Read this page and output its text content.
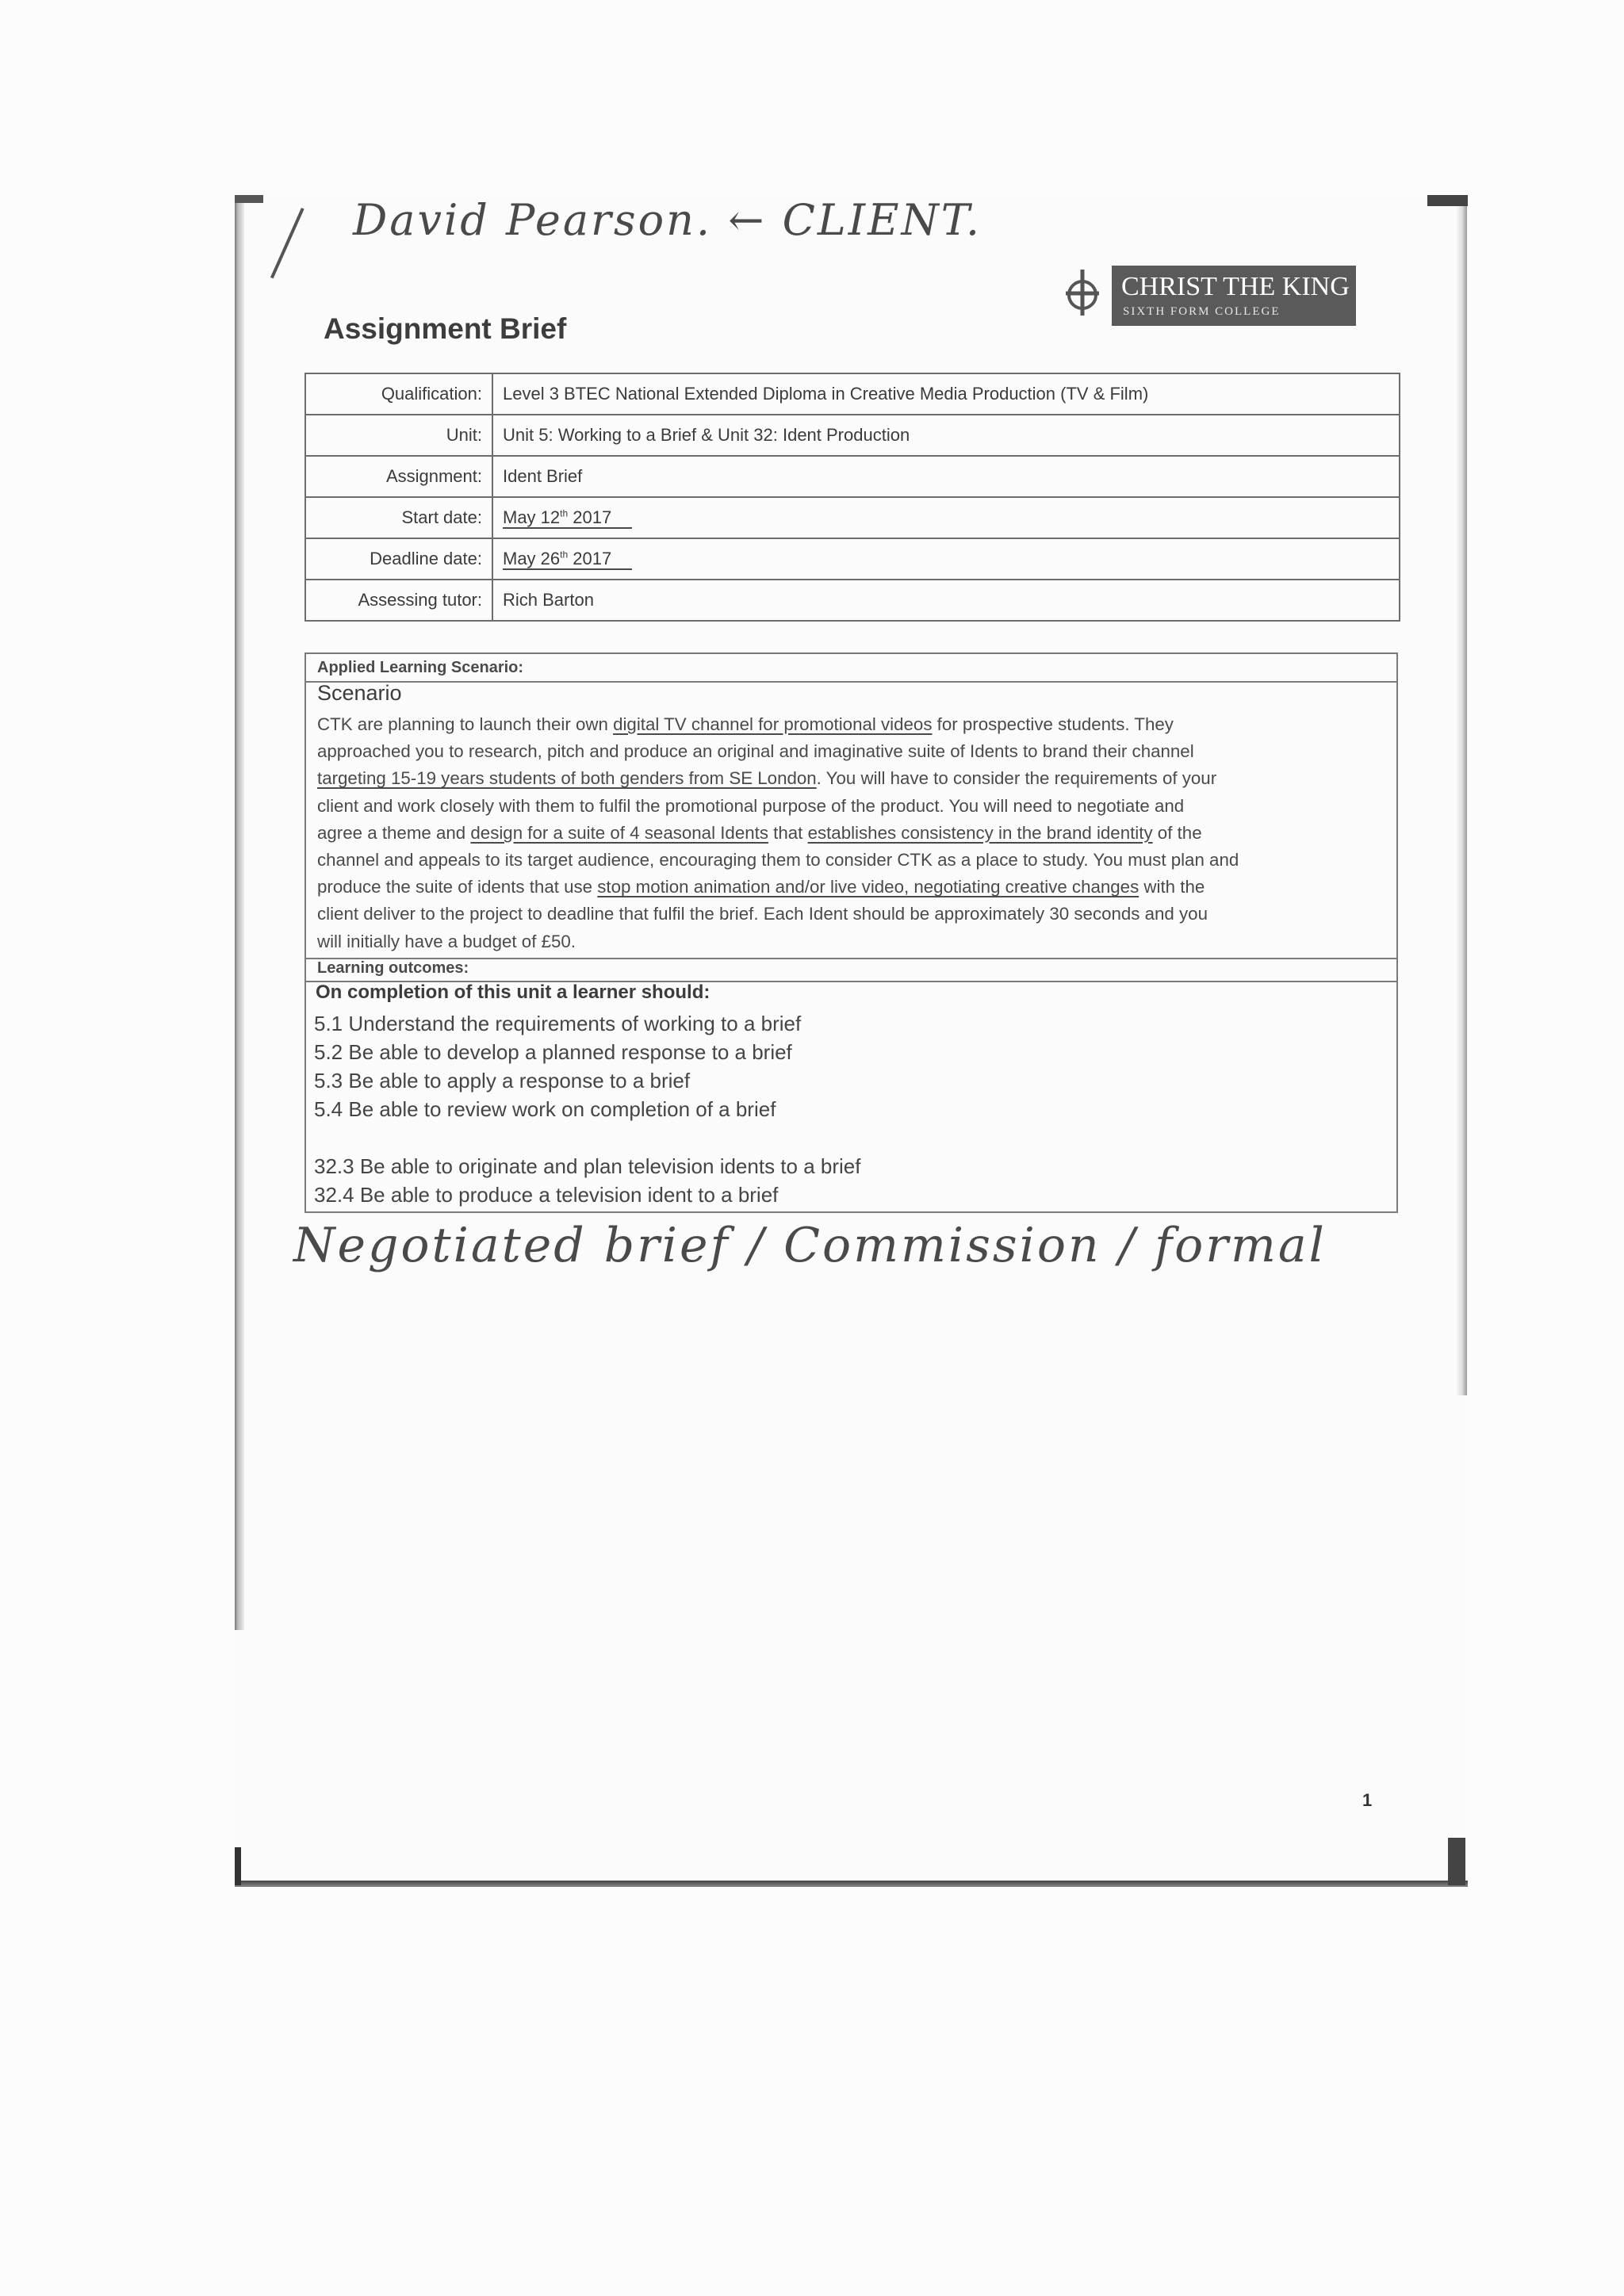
David Pearson. ← CLIENT.
CHRIST THE KING
SIXTH FORM COLLEGE
Assignment Brief
Qualification:	Level 3 BTEC National Extended Diploma in Creative Media Production (TV & Film)
Unit:	Unit 5: Working to a Brief & Unit 32: Ident Production
Assignment:	Ident Brief
Start date:	May 12th 2017
Deadline date:	May 26th 2017
Assessing tutor:	Rich Barton
Applied Learning Scenario:
Scenario

CTK are planning to launch their own digital TV channel for promotional videos for prospective students. They

approached you to research, pitch and produce an original and imaginative suite of Idents to brand their channel

targeting 15-19 years students of both genders from SE London. You will have to consider the requirements of your

client and work closely with them to fulfil the promotional purpose of the product. You will need to negotiate and

agree a theme and design for a suite of 4 seasonal Idents that establishes consistency in the brand identity of the

channel and appeals to its target audience, encouraging them to consider CTK as a place to study. You must plan and

produce the suite of idents that use stop motion animation and/or live video, negotiating creative changes with the

client deliver to the project to deadline that fulfil the brief. Each Ident should be approximately 30 seconds and you

will initially have a budget of £50.

Learning outcomes:
On completion of this unit a learner should:
5.1 Understand the requirements of working to a brief
5.2 Be able to develop a planned response to a brief
5.3 Be able to apply a response to a brief
5.4 Be able to review work on completion of a brief
32.3 Be able to originate and plan television idents to a brief
32.4 Be able to produce a television ident to a brief
Negotiated brief / Commission / formal
1
